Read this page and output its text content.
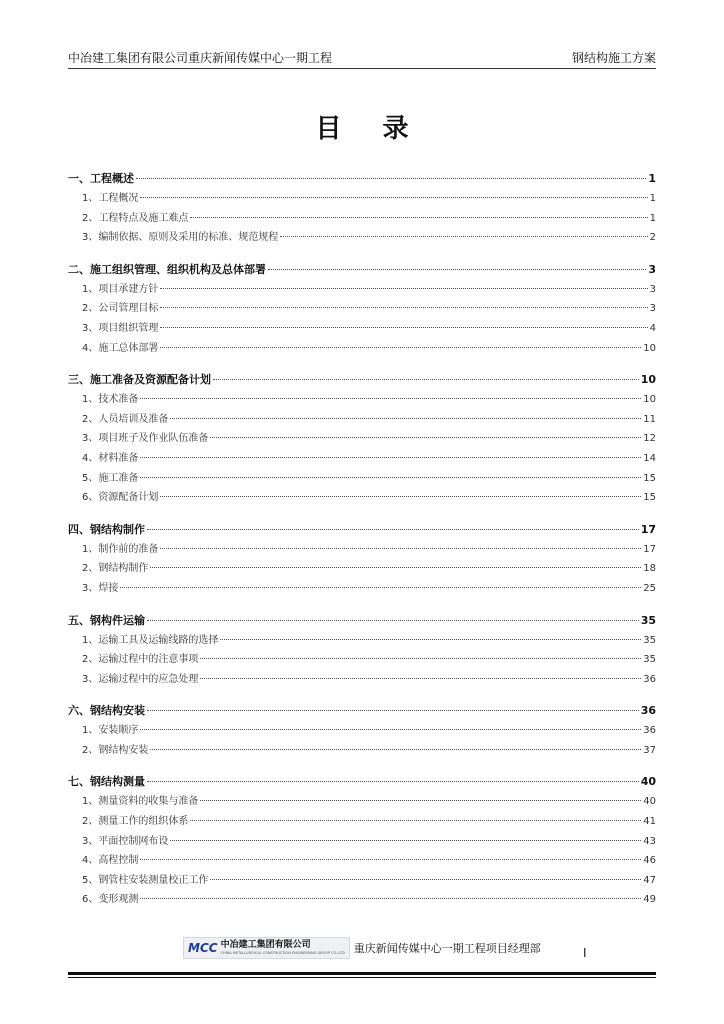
中冶建工集团有限公司重庆新闻传媒中心一期工程	钢结构施工方案
目 录
一、工程概述	1
1、工程概况	1
2、工程特点及施工难点	1
3、编制依据、原则及采用的标准、规范规程	2
二、施工组织管理、组织机构及总体部署	3
1、项目承建方针	3
2、公司管理目标	3
3、项目组织管理	4
4、施工总体部署	10
三、施工准备及资源配备计划	10
1、技术准备	10
2、人员培训及准备	11
3、项目班子及作业队伍准备	12
4、材料准备	14
5、施工准备	15
6、资源配备计划	15
四、钢结构制作	17
1、制作前的准备	17
2、钢结构制作	18
3、焊接	25
五、钢构件运输	35
1、运输工具及运输线路的选择	35
2、运输过程中的注意事项	35
3、运输过程中的应急处理	36
六、钢结构安装	36
1、安装顺序	36
2、钢结构安装	37
七、钢结构测量	40
1、测量资料的收集与准备	40
2、测量工作的组织体系	41
3、平面控制网布设	43
4、高程控制	46
5、钢管柱安装测量校正工作	47
6、变形观测	49
MCC 中冶建工集团有限公司
CHINA METALLURGICAL CONSTRUCTION ENGINEERING GROUP CO.,LTD 重庆新闻传媒中心一期工程项目经理部	I
